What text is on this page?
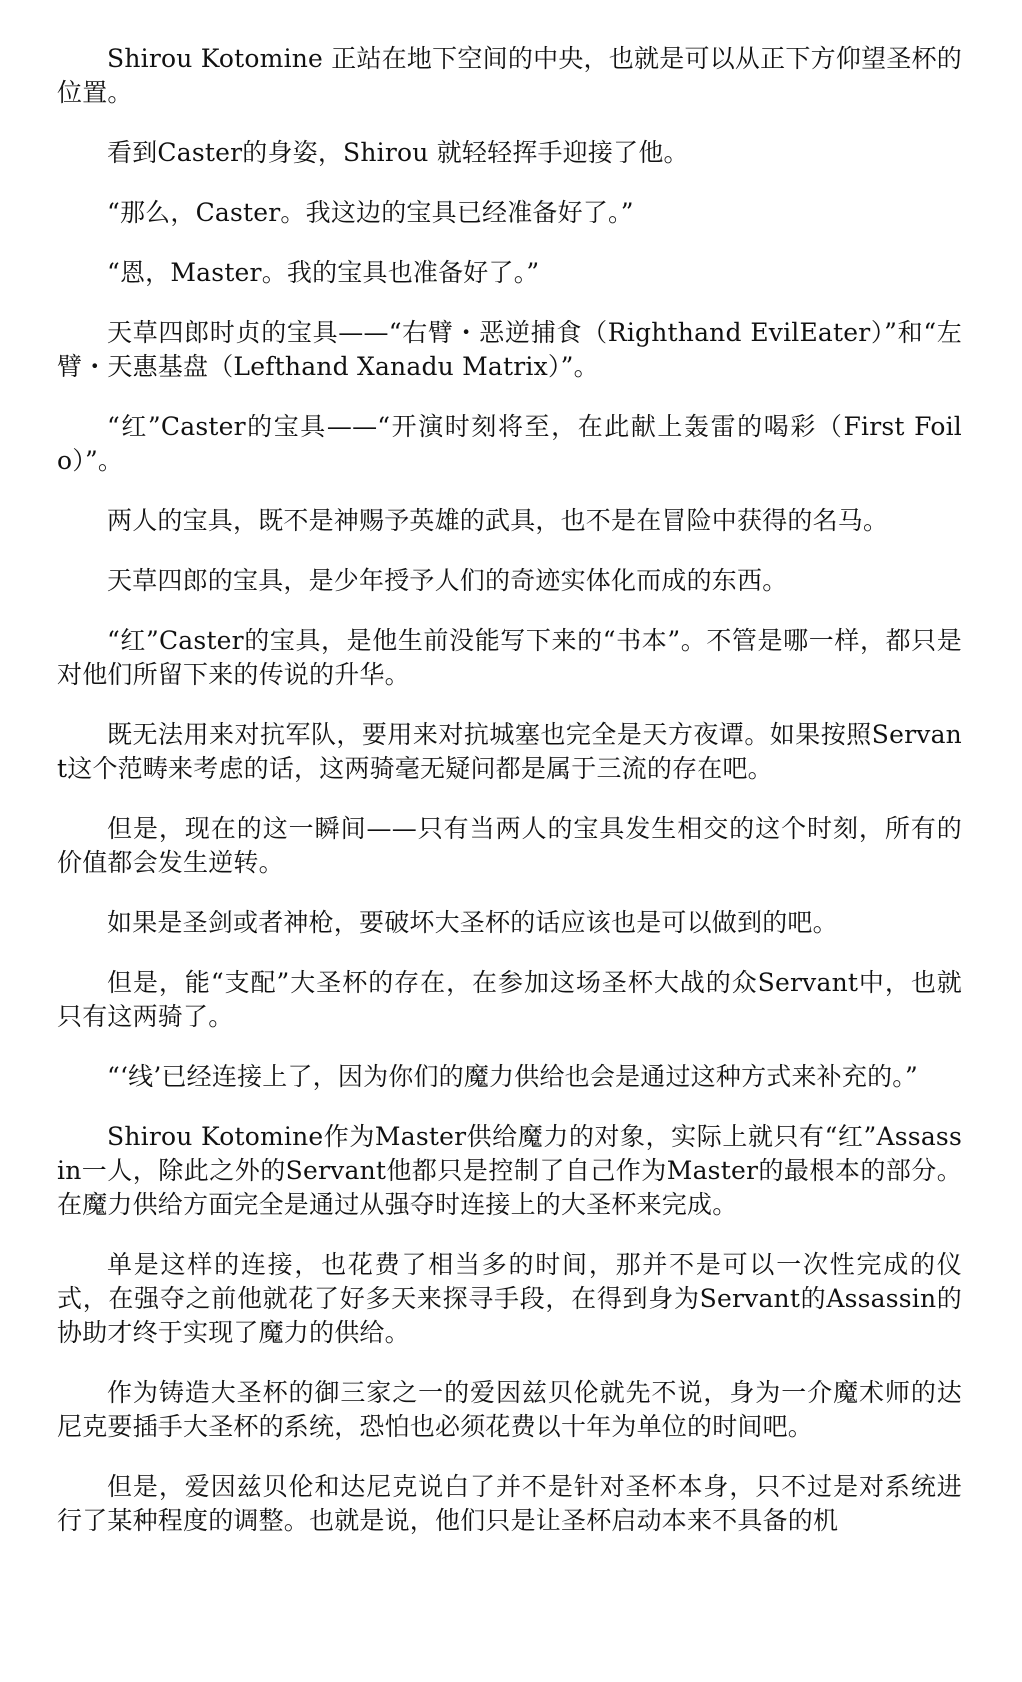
Shirou Kotomine 正站在地下空间的中央，也就是可以从正下方仰望圣杯的位置。

看到Caster的身姿，Shirou 就轻轻挥手迎接了他。

“那么，Caster。我这边的宝具已经准备好了。”

“恩，Master。我的宝具也准备好了。”

天草四郎时贞的宝具——“右臂・恶逆捕食（Righthand EvilEater）”和“左臂・天惠基盘（Lefthand Xanadu Matrix）”。

“红”Caster的宝具——“开演时刻将至，在此献上轰雷的喝彩（First Foilo）”。

两人的宝具，既不是神赐予英雄的武具，也不是在冒险中获得的名马。

天草四郎的宝具，是少年授予人们的奇迹实体化而成的东西。

“红”Caster的宝具，是他生前没能写下来的“书本”。不管是哪一样，都只是对他们所留下来的传说的升华。

既无法用来对抗军队，要用来对抗城塞也完全是天方夜谭。如果按照Servant这个范畴来考虑的话，这两骑毫无疑问都是属于三流的存在吧。

但是，现在的这一瞬间——只有当两人的宝具发生相交的这个时刻，所有的价值都会发生逆转。

如果是圣剑或者神枪，要破坏大圣杯的话应该也是可以做到的吧。

但是，能“支配”大圣杯的存在，在参加这场圣杯大战的众Servant中，也就只有这两骑了。

“‘线’已经连接上了，因为你们的魔力供给也会是通过这种方式来补充的。”

Shirou Kotomine作为Master供给魔力的对象，实际上就只有“红”Assassin一人，除此之外的Servant他都只是控制了自己作为Master的最根本的部分。在魔力供给方面完全是通过从强夺时连接上的大圣杯来完成。

单是这样的连接，也花费了相当多的时间，那并不是可以一次性完成的仪式，在强夺之前他就花了好多天来探寻手段，在得到身为Servant的Assassin的协助才终于实现了魔力的供给。

作为铸造大圣杯的御三家之一的爱因兹贝伦就先不说，身为一介魔术师的达尼克要插手大圣杯的系统，恐怕也必须花费以十年为单位的时间吧。

但是，爱因兹贝伦和达尼克说白了并不是针对圣杯本身，只不过是对系统进行了某种程度的调整。也就是说，他们只是让圣杯启动本来不具备的机
